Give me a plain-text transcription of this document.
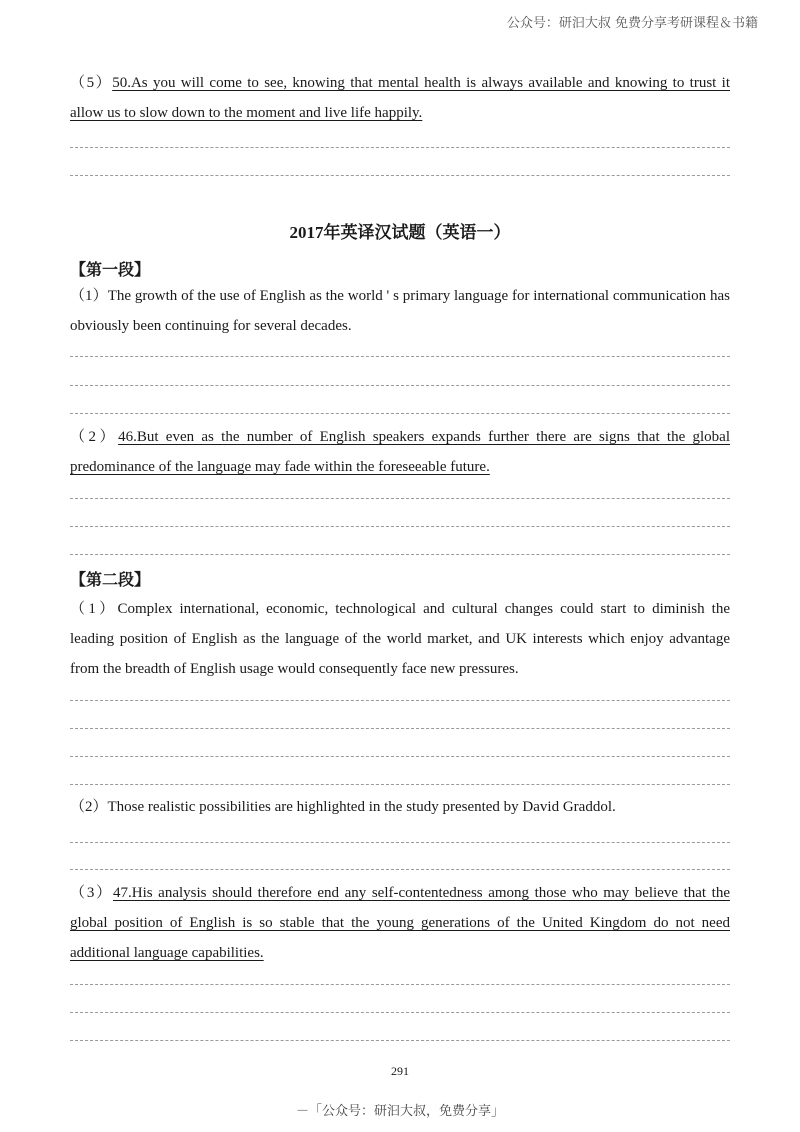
公众号：研汩大叔 免费分享考研课程＆书籍

（5）50.As you will come to see, knowing that mental health is always available and knowing to trust it allow us to slow down to the moment and live life happily.

2017年英译汉试题（英语一）
【第一段】

（1）The growth of the use of English as the world ' s primary language for international communication has obviously been continuing for several decades.

（2）46.But even as the number of English speakers expands further there are signs that the global predominance of the language may fade within the foreseeable future.

【第二段】

（1）Complex international, economic, technological and cultural changes could start to diminish the leading position of English as the language of the world market, and UK interests which enjoy advantage from the breadth of English usage would consequently face new pressures.

（2）Those realistic possibilities are highlighted in the study presented by David Graddol.

（3）47.His analysis should therefore end any self-contentedness among those who may believe that the global position of English is so stable that the young generations of the United Kingdom do not need additional language capabilities.

291
－「公众号：研汩大叔，免费分享」
